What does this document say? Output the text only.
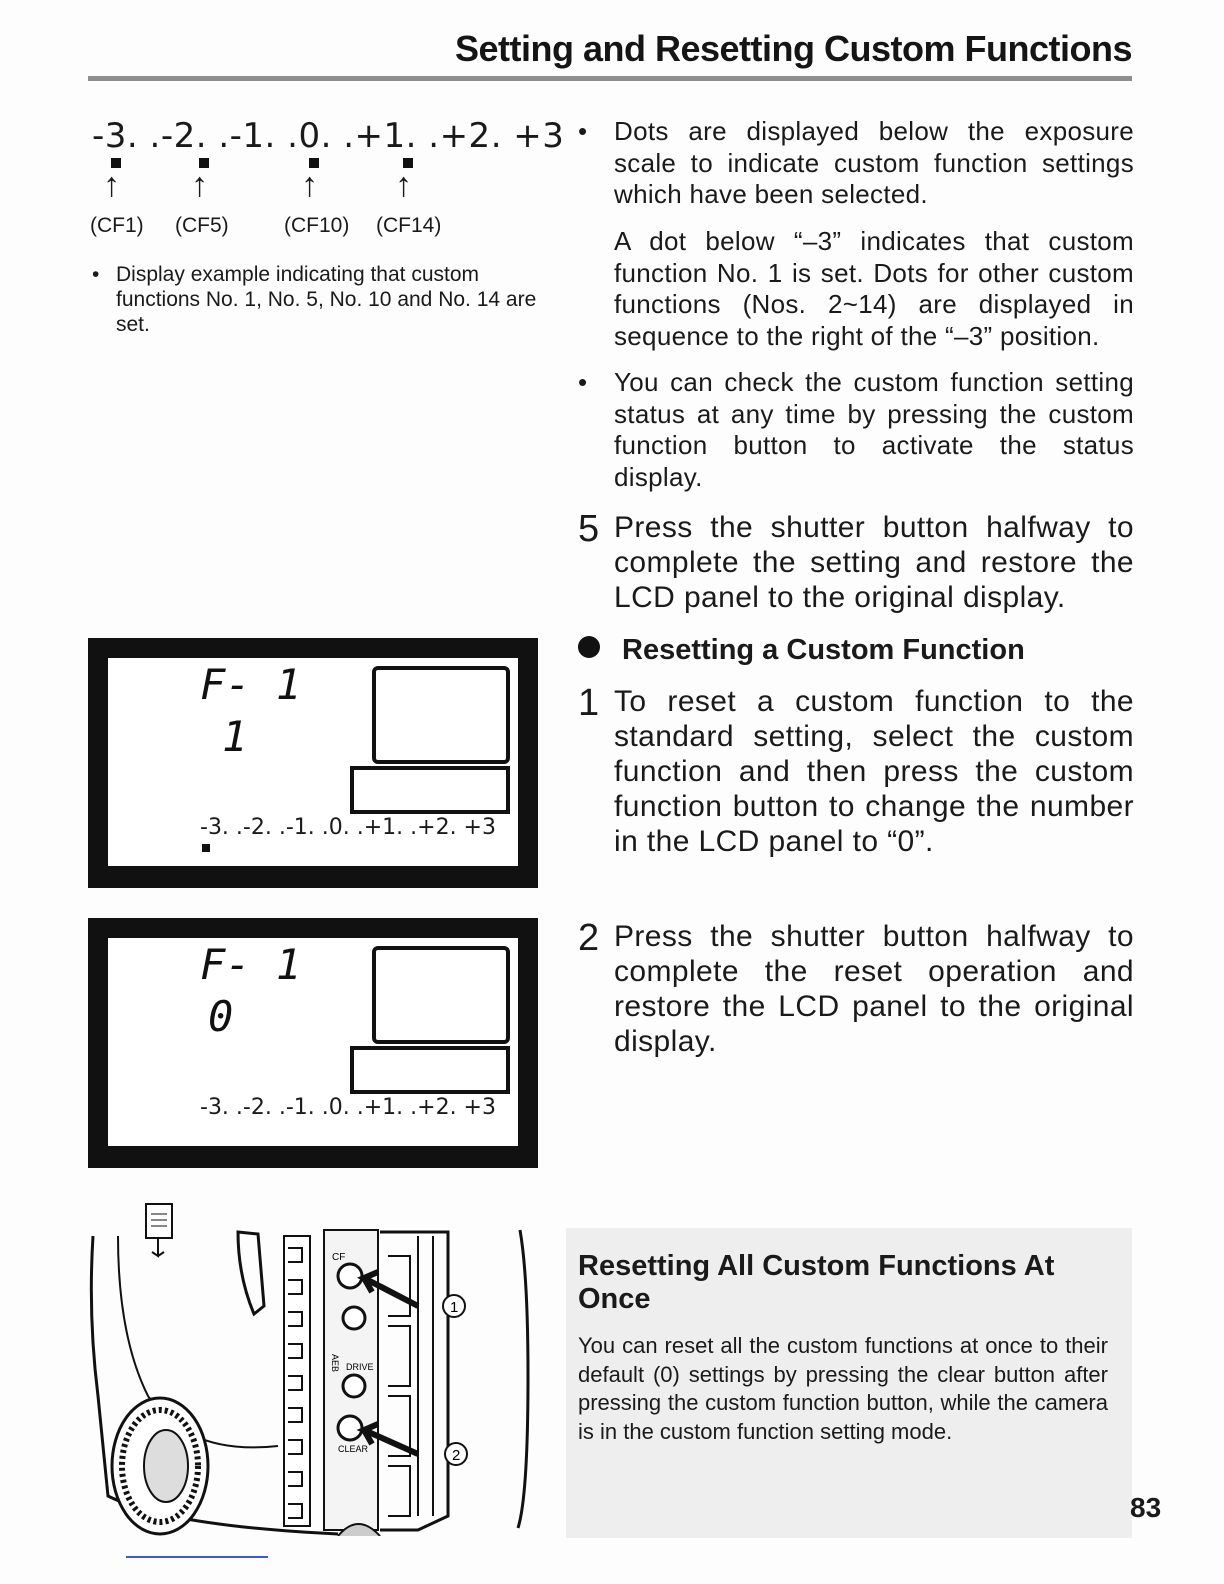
Setting and Resetting Custom Functions
-3. .-2. .-1. .0. .+1. .+2. +3
↑ ↑	↑ ↑
(CF1) (CF5)	(CF10) (CF14)
• Display example indicating that custom functions No. 1, No. 5, No. 10 and No. 14 are set.
F- 1
1
-3. .-2. .-1. .0. .+1. .+2. +3
F- 1
0
-3. .-2. .-1. .0. .+1. .+2. +3
• Dots are displayed below the exposure scale to indicate custom function settings which have been selected.
A dot below “–3” indicates that custom function No. 1 is set. Dots for other custom functions (Nos. 2~14) are displayed in sequence to the right of the “–3” position.
• You can check the custom function setting status at any time by pressing the custom function button to activate the status display.
5 Press the shutter button halfway to complete the setting and restore the LCD panel to the original display.
Resetting a Custom Function
1 To reset a custom function to the standard setting, select the custom function and then press the custom function button to change the number in the LCD panel to “0”.
2 Press the shutter button halfway to complete the reset operation and restore the LCD panel to the original display.
CF
DRIVE
AEB
CLEAR
1
2
Resetting All Custom Functions At Once
You can reset all the custom functions at once to their default (0) settings by pressing the clear button after pressing the custom function button, while the camera is in the custom function setting mode.
83
